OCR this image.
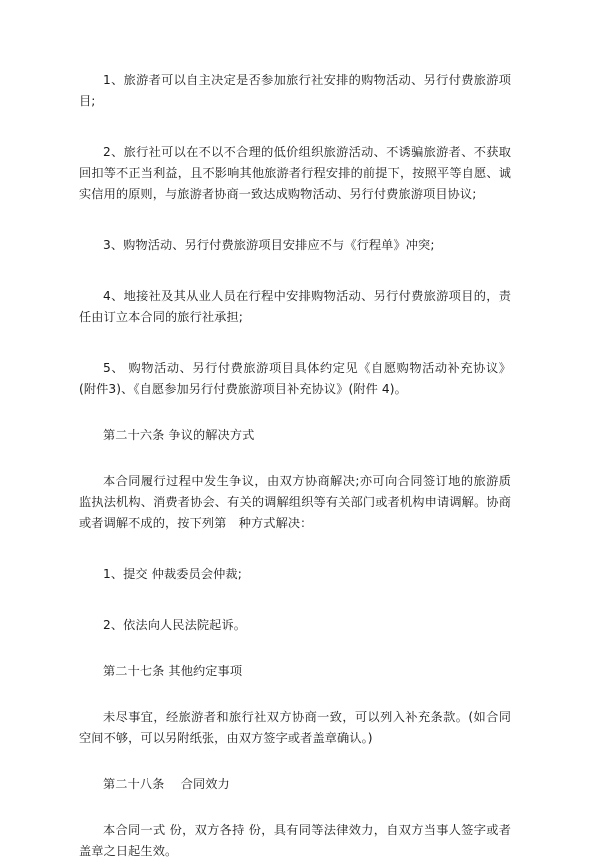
1、旅游者可以自主决定是否参加旅行社安排的购物活动、另行付费旅游项目;

2、旅行社可以在不以不合理的低价组织旅游活动、不诱骗旅游者、不获取回扣等不正当利益，且不影响其他旅游者行程安排的前提下，按照平等自愿、诚实信用的原则，与旅游者协商一致达成购物活动、另行付费旅游项目协议;

3、购物活动、另行付费旅游项目安排应不与《行程单》冲突;

4、地接社及其从业人员在行程中安排购物活动、另行付费旅游项目的，责任由订立本合同的旅行社承担;

5、 购物活动、另行付费旅游项目具体约定见《自愿购物活动补充协议》(附件3)、《自愿参加另行付费旅游项目补充协议》(附件 4)。

第二十六条 争议的解决方式

本合同履行过程中发生争议，由双方协商解决;亦可向合同签订地的旅游质监执法机构、消费者协会、有关的调解组织等有关部门或者机构申请调解。协商或者调解不成的，按下列第　种方式解决：

1、提交 仲裁委员会仲裁;

2、依法向人民法院起诉。

第二十七条 其他约定事项

未尽事宜，经旅游者和旅行社双方协商一致，可以列入补充条款。(如合同空间不够，可以另附纸张，由双方签字或者盖章确认。)

第二十八条　 合同效力

本合同一式 份，双方各持 份，具有同等法律效力，自双方当事人签字或者盖章之日起生效。
